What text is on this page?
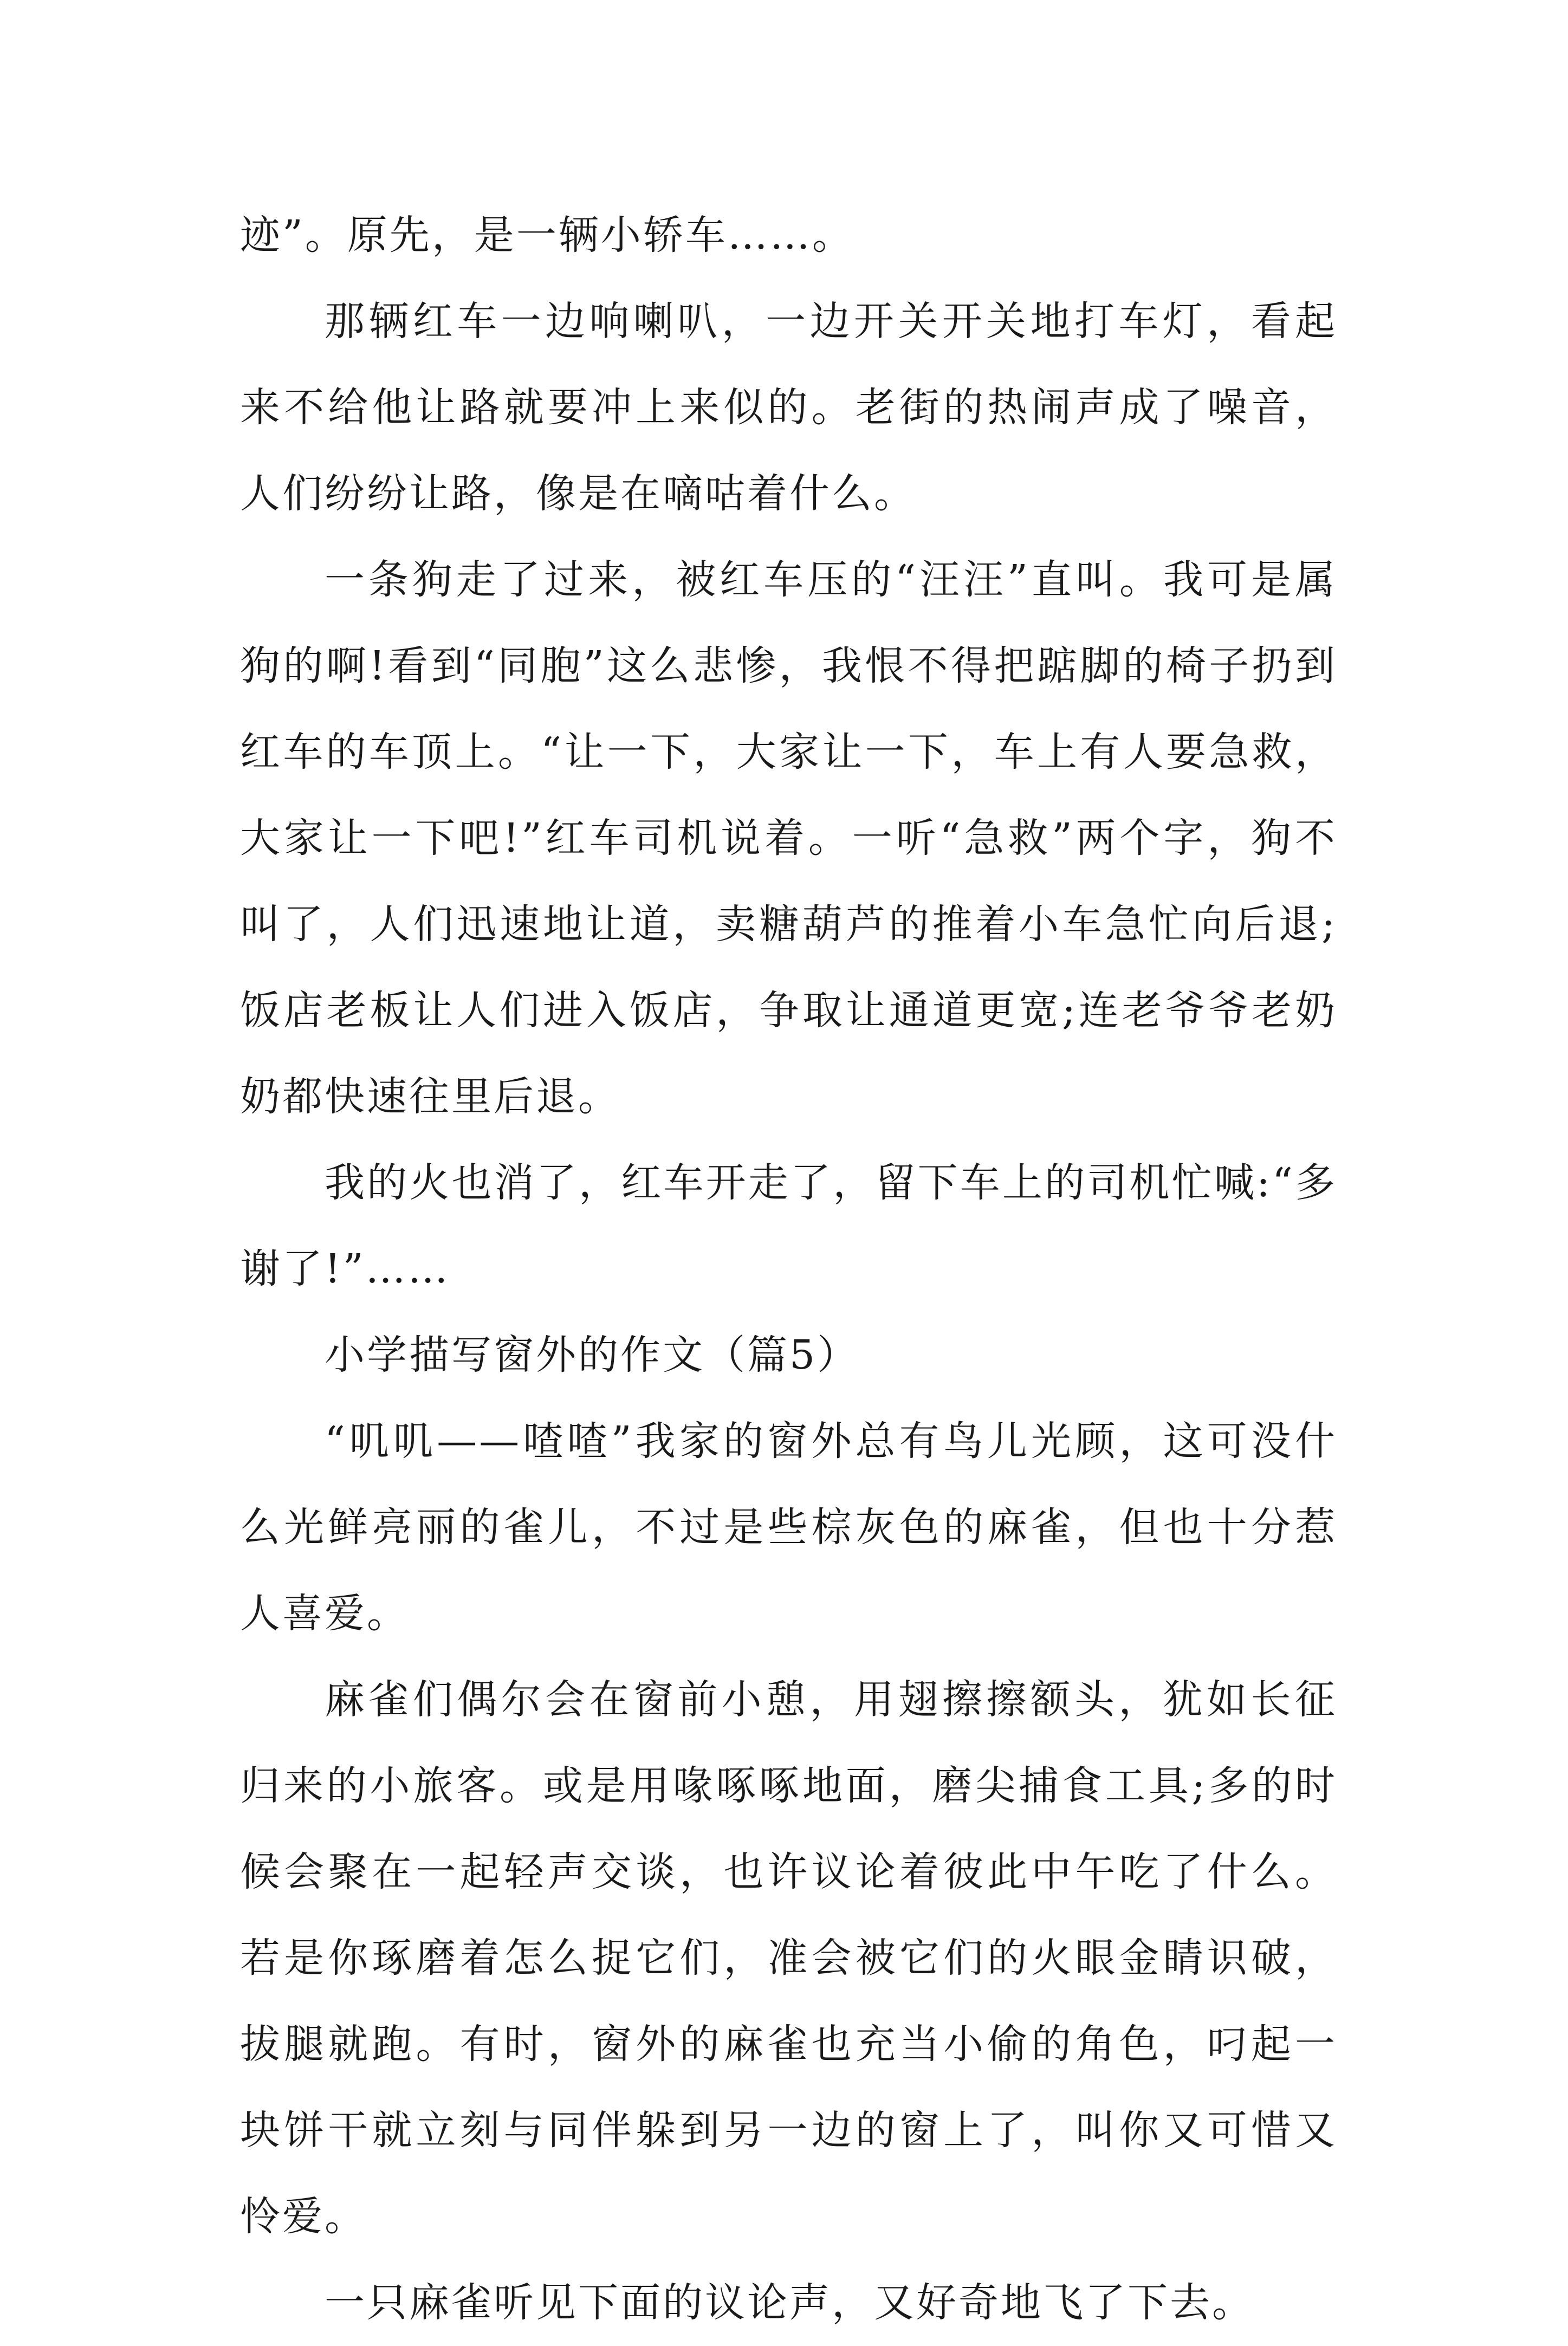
迹”。原先，是一辆小轿车……。

那辆红车一边响喇叭，一边开关开关地打车灯，看起来不给他让路就要冲上来似的。老街的热闹声成了噪音，人们纷纷让路，像是在嘀咕着什么。

一条狗走了过来，被红车压的“汪汪”直叫。我可是属狗的啊!看到“同胞”这么悲惨，我恨不得把踮脚的椅子扔到红车的车顶上。“让一下，大家让一下，车上有人要急救，大家让一下吧!”红车司机说着。一听“急救”两个字，狗不叫了，人们迅速地让道，卖糖葫芦的推着小车急忙向后退;饭店老板让人们进入饭店，争取让通道更宽;连老爷爷老奶奶都快速往里后退。

我的火也消了，红车开走了，留下车上的司机忙喊:“多谢了!”……

小学描写窗外的作文（篇5）

“叽叽——喳喳”我家的窗外总有鸟儿光顾，这可没什么光鲜亮丽的雀儿，不过是些棕灰色的麻雀，但也十分惹人喜爱。

麻雀们偶尔会在窗前小憩，用翅擦擦额头，犹如长征归来的小旅客。或是用喙啄啄地面，磨尖捕食工具;多的时候会聚在一起轻声交谈，也许议论着彼此中午吃了什么。若是你琢磨着怎么捉它们，准会被它们的火眼金睛识破，拔腿就跑。有时，窗外的麻雀也充当小偷的角色，叼起一块饼干就立刻与同伴躲到另一边的窗上了，叫你又可惜又怜爱。

一只麻雀听见下面的议论声，又好奇地飞了下去。
